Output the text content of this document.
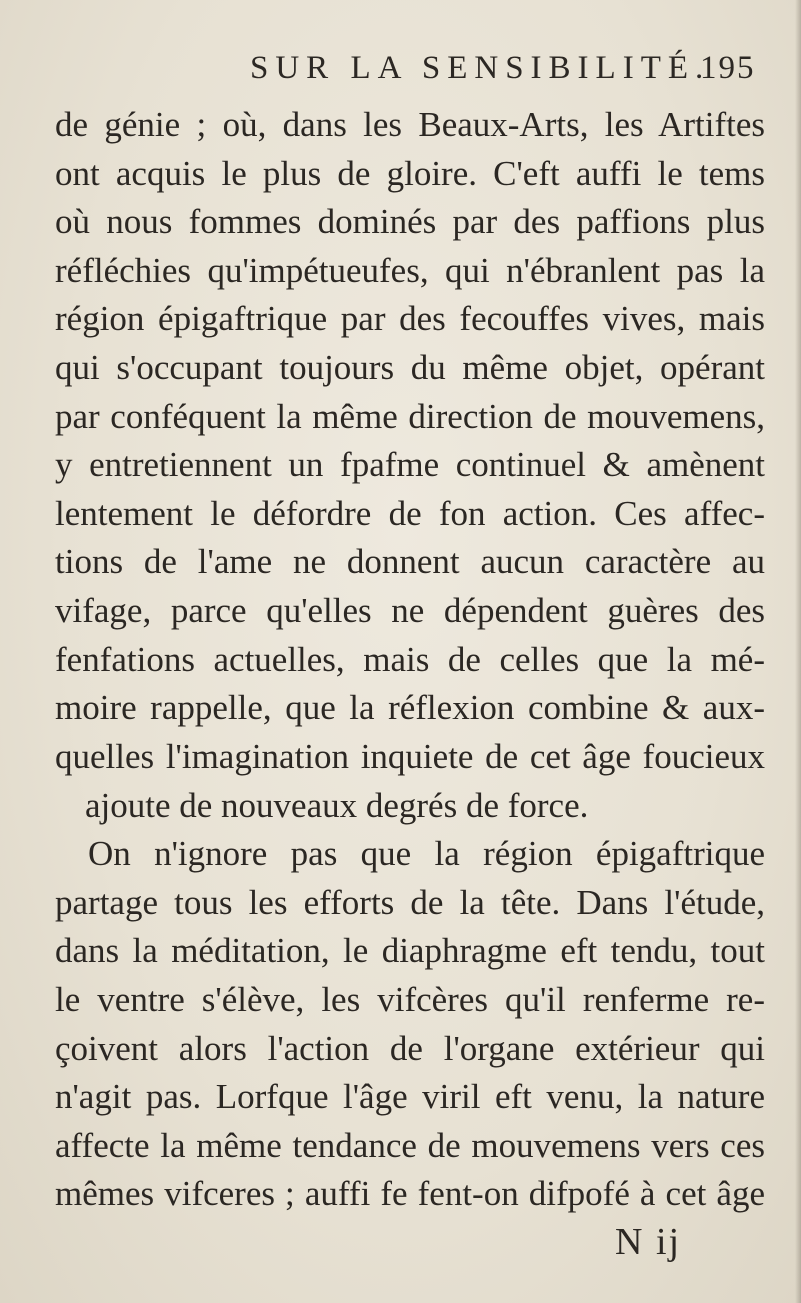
SUR LA SENSIBILITÉ.
195
de génie ; où, dans les Beaux-Arts, les Artiftes
ont acquis le plus de gloire. C'eft auffi le tems
où nous fommes dominés par des paffions plus
réfléchies qu'impétueufes, qui n'ébranlent pas la
région épigaftrique par des fecouffes vives, mais
qui s'occupant toujours du même objet, opérant
par conféquent la même direction de mouvemens,
y entretiennent un fpafme continuel & amènent
lentement le défordre de fon action. Ces affec-
tions de l'ame ne donnent aucun caractère au
vifage, parce qu'elles ne dépendent guères des
fenfations actuelles, mais de celles que la mé-
moire rappelle, que la réflexion combine & aux-
quelles l'imagination inquiete de cet âge foucieux
ajoute de nouveaux degrés de force.
On n'ignore pas que la région épigaftrique
partage tous les efforts de la tête. Dans l'étude,
dans la méditation, le diaphragme eft tendu, tout
le ventre s'élève, les vifcères qu'il renferme re-
çoivent alors l'action de l'organe extérieur qui
n'agit pas. Lorfque l'âge viril eft venu, la nature
affecte la même tendance de mouvemens vers ces
mêmes vifceres ; auffi fe fent-on difpofé à cet âge
N ij
